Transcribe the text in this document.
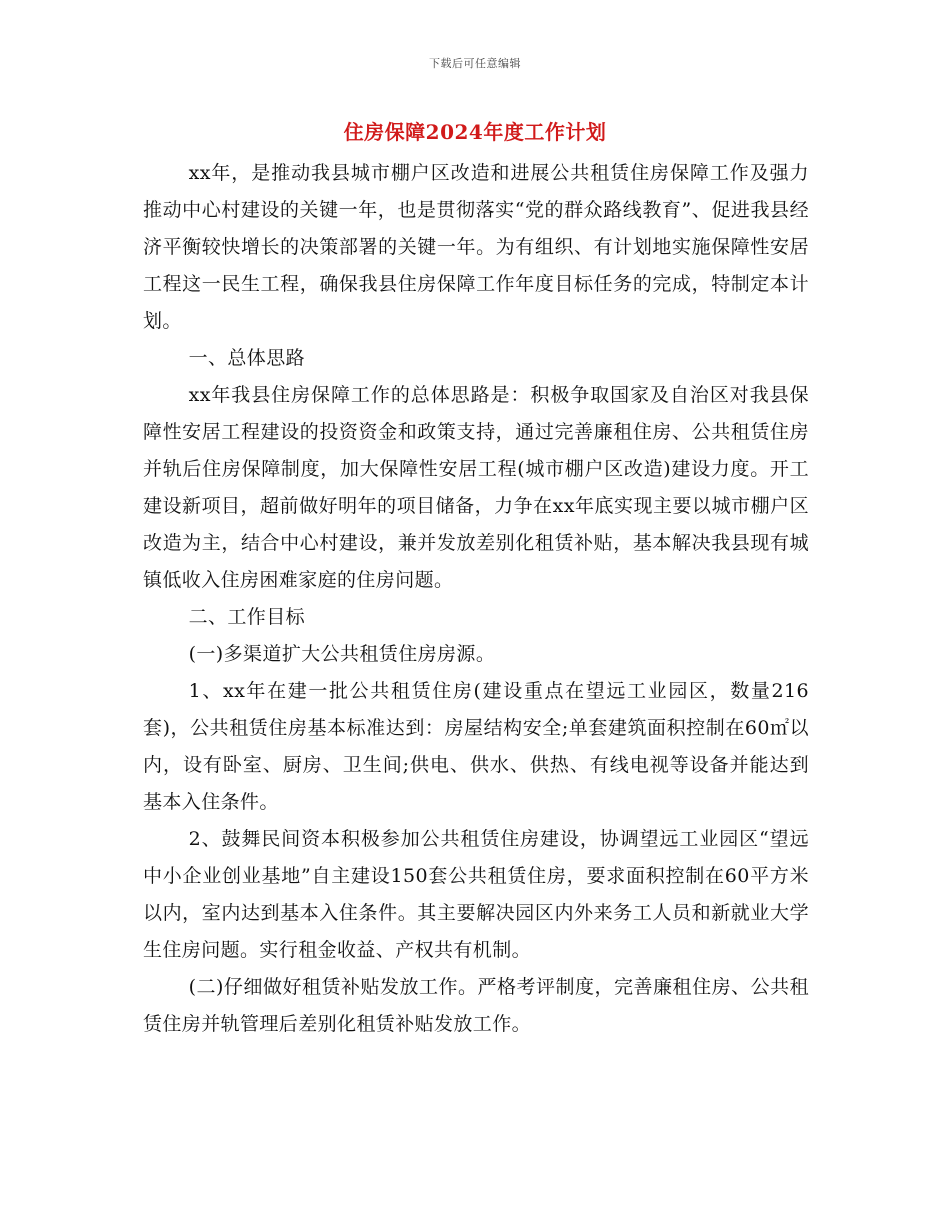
下载后可任意编辑
住房保障2024年度工作计划

xx年，是推动我县城市棚户区改造和进展公共租赁住房保障工作及强力推动中心村建设的关键一年，也是贯彻落实“党的群众路线教育”、促进我县经济平衡较快增长的决策部署的关键一年。为有组织、有计划地实施保障性安居工程这一民生工程，确保我县住房保障工作年度目标任务的完成，特制定本计划。

一、总体思路

xx年我县住房保障工作的总体思路是：积极争取国家及自治区对我县保障性安居工程建设的投资资金和政策支持，通过完善廉租住房、公共租赁住房并轨后住房保障制度，加大保障性安居工程(城市棚户区改造)建设力度。开工建设新项目，超前做好明年的项目储备，力争在xx年底实现主要以城市棚户区改造为主，结合中心村建设，兼并发放差别化租赁补贴，基本解决我县现有城镇低收入住房困难家庭的住房问题。

二、工作目标

(一)多渠道扩大公共租赁住房房源。

1、xx年在建一批公共租赁住房(建设重点在望远工业园区，数量216套)，公共租赁住房基本标准达到：房屋结构安全;单套建筑面积控制在60㎡以内，设有卧室、厨房、卫生间;供电、供水、供热、有线电视等设备并能达到基本入住条件。

2、鼓舞民间资本积极参加公共租赁住房建设，协调望远工业园区“望远中小企业创业基地”自主建设150套公共租赁住房，要求面积控制在60平方米以内，室内达到基本入住条件。其主要解决园区内外来务工人员和新就业大学生住房问题。实行租金收益、产权共有机制。

(二)仔细做好租赁补贴发放工作。严格考评制度，完善廉租住房、公共租赁住房并轨管理后差别化租赁补贴发放工作。
